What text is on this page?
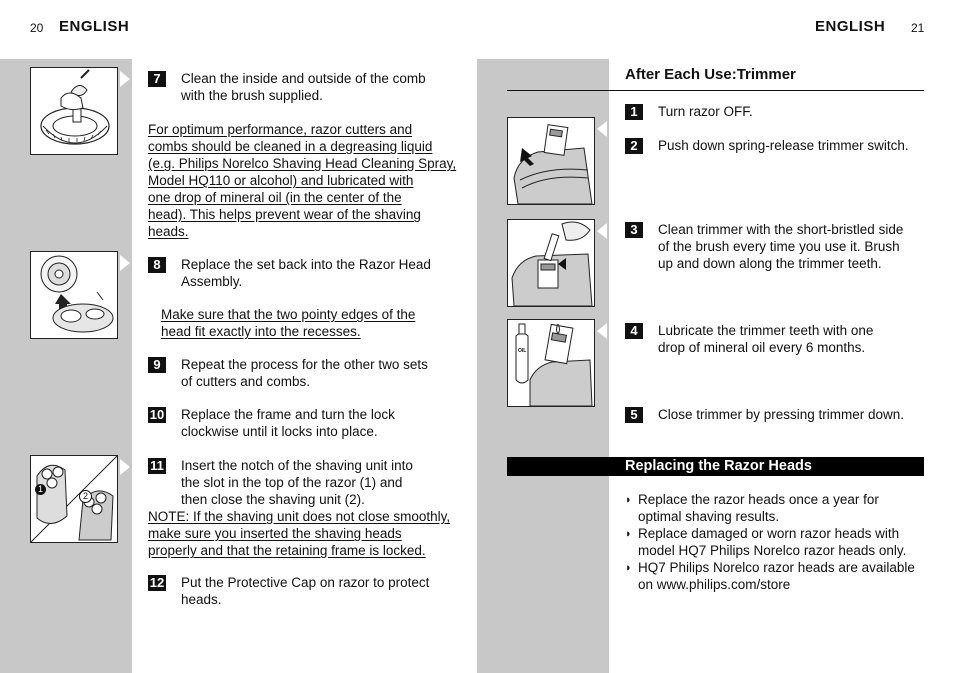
20 ENGLISH
1
2
7	Clean the inside and outside of the comb
with the brush supplied.
For optimum performance, razor cutters and
combs should be cleaned in a degreasing liquid
(e.g. Philips Norelco Shaving Head Cleaning Spray,
Model HQ110 or alcohol) and lubricated with
one drop of mineral oil (in the center of the
head). This helps prevent wear of the shaving
heads.
8	Replace the set back into the Razor Head
Assembly.
Make sure that the two pointy edges of the
head fit exactly into the recesses.
9	Repeat the process for the other two sets
of cutters and combs.
10 Replace the frame and turn the lock
clockwise until it locks into place.
11 Insert the notch of the shaving unit into
the slot in the top of the razor (1) and
then close the shaving unit (2).
NOTE: If the shaving unit does not close smoothly,
make sure you inserted the shaving heads
properly and that the retaining frame is locked.
12 Put the Protective Cap on razor to protect
heads.
ENGLISH 21
After Each Use:Trimmer
OIL
1	Turn razor OFF.
2	Push down spring-release trimmer switch.
3	Clean trimmer with the short-bristled side
of the brush every time you use it. Brush
up and down along the trimmer teeth.
4	Lubricate the trimmer teeth with one
drop of mineral oil every 6 months.
5	Close trimmer by pressing trimmer down.
Replacing the Razor Heads
◗ Replace the razor heads once a year for
optimal shaving results.
◗ Replace damaged or worn razor heads with
model HQ7 Philips Norelco razor heads only.
◗ HQ7 Philips Norelco razor heads are available
on www.philips.com/store
